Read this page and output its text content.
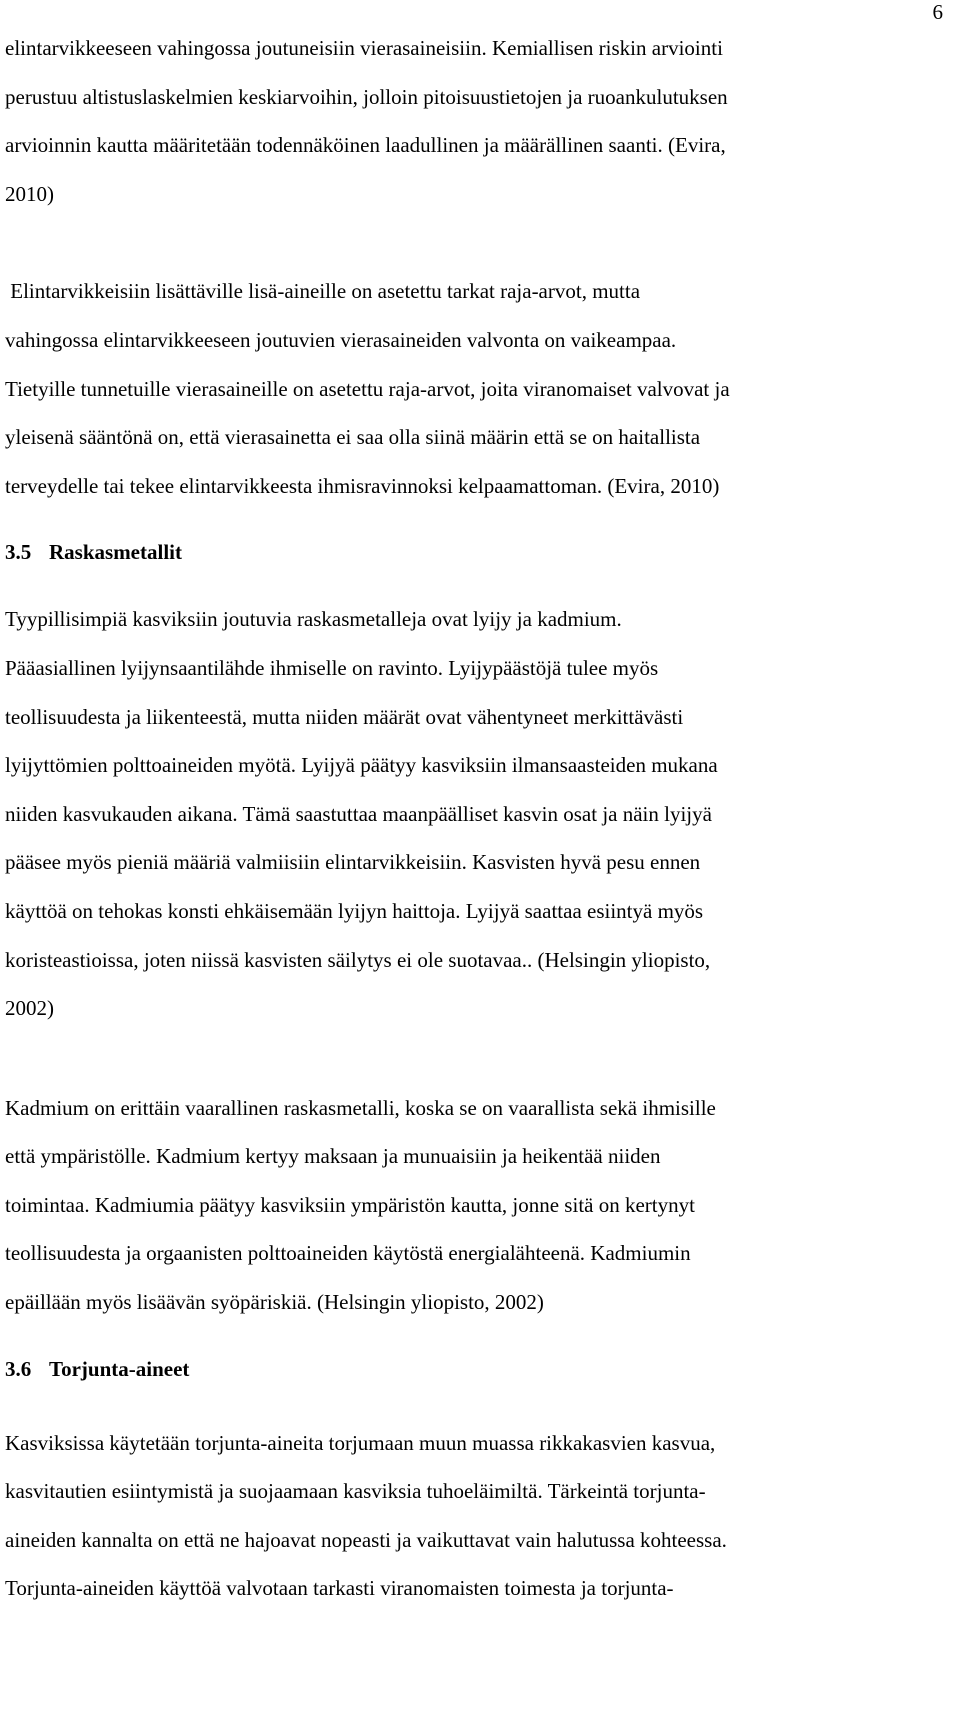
6

elintarvikkeeseen vahingossa joutuneisiin vierasaineisiin. Kemiallisen riskin arviointi
perustuu altistuslaskelmien keskiarvoihin, jolloin pitoisuustietojen ja ruoankulutuksen
arvioinnin kautta määritetään todennäköinen laadullinen ja määrällinen saanti. (Evira,
2010)

Elintarvikkeisiin lisättäville lisä-aineille on asetettu tarkat raja-arvot, mutta
vahingossa elintarvikkeeseen joutuvien vierasaineiden valvonta on vaikeampaa.
Tietyille tunnetuille vierasaineille on asetettu raja-arvot, joita viranomaiset valvovat ja
yleisenä sääntönä on, että vierasainetta ei saa olla siinä määrin että se on haitallista
terveydelle tai tekee elintarvikkeesta ihmisravinnoksi kelpaamattoman. (Evira, 2010)

3.5 Raskasmetallit

Tyypillisimpiä kasviksiin joutuvia raskasmetalleja ovat lyijy ja kadmium.
Pääasiallinen lyijynsaantilähde ihmiselle on ravinto. Lyijypäästöjä tulee myös
teollisuudesta ja liikenteestä, mutta niiden määrät ovat vähentyneet merkittävästi
lyijyttömien polttoaineiden myötä. Lyijyä päätyy kasviksiin ilmansaasteiden mukana
niiden kasvukauden aikana. Tämä saastuttaa maanpäälliset kasvin osat ja näin lyijyä
pääsee myös pieniä määriä valmiisiin elintarvikkeisiin. Kasvisten hyvä pesu ennen
käyttöä on tehokas konsti ehkäisemään lyijyn haittoja. Lyijyä saattaa esiintyä myös
koristeastioissa, joten niissä kasvisten säilytys ei ole suotavaa.. (Helsingin yliopisto,
2002)

Kadmium on erittäin vaarallinen raskasmetalli, koska se on vaarallista sekä ihmisille
että ympäristölle. Kadmium kertyy maksaan ja munuaisiin ja heikentää niiden
toimintaa. Kadmiumia päätyy kasviksiin ympäristön kautta, jonne sitä on kertynyt
teollisuudesta ja orgaanisten polttoaineiden käytöstä energialähteenä. Kadmiumin
epäillään myös lisäävän syöpäriskiä. (Helsingin yliopisto, 2002)

3.6 Torjunta-aineet

Kasviksissa käytetään torjunta-aineita torjumaan muun muassa rikkakasvien kasvua,
kasvitautien esiintymistä ja suojaamaan kasviksia tuhoeläimiltä. Tärkeintä torjunta-
aineiden kannalta on että ne hajoavat nopeasti ja vaikuttavat vain halutussa kohteessa.
Torjunta-aineiden käyttöä valvotaan tarkasti viranomaisten toimesta ja torjunta-
